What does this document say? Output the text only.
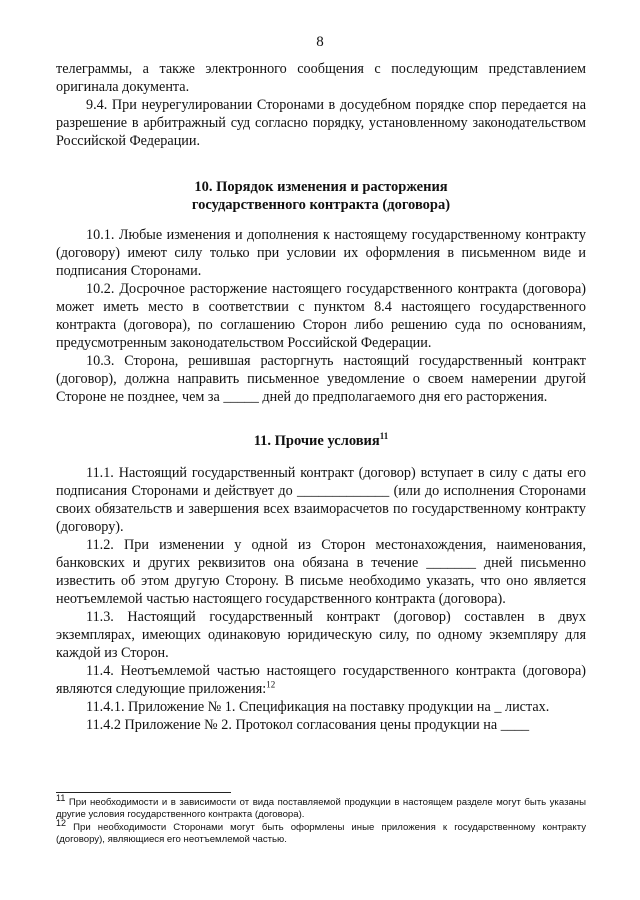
8

телеграммы, а также электронного сообщения с последующим представлением оригинала документа.

9.4. При неурегулировании Сторонами в досудебном порядке спор передается на разрешение в арбитражный суд согласно порядку, установленному законодательством Российской Федерации.

10. Порядок изменения и расторжения
государственного контракта (договора)

10.1. Любые изменения и дополнения к настоящему государственному контракту (договору) имеют силу только при условии их оформления в письменном виде и подписания Сторонами.

10.2. Досрочное расторжение настоящего государственного контракта (договора) может иметь место в соответствии с пунктом 8.4 настоящего государственного контракта (договора), по соглашению Сторон либо решению суда по основаниям, предусмотренным законодательством Российской Федерации.

10.3. Сторона, решившая расторгнуть настоящий государственный контракт (договор), должна направить письменное уведомление о своем намерении другой Стороне не позднее, чем за _____ дней до предполагаемого дня его расторжения.

11. Прочие условия$^{11}$

11.1. Настоящий государственный контракт (договор) вступает в силу с даты его подписания Сторонами и действует до _____________ (или до исполнения Сторонами своих обязательств и завершения всех взаиморасчетов по государственному контракту (договору).

11.2. При изменении у одной из Сторон местонахождения, наименования, банковских и других реквизитов она обязана в течение _______ дней письменно известить об этом другую Сторону. В письме необходимо указать, что оно является неотъемлемой частью настоящего государственного контракта (договора).

11.3. Настоящий государственный контракт (договор) составлен в двух экземплярах, имеющих одинаковую юридическую силу, по одному экземпляру для каждой из Сторон.

11.4. Неотъемлемой частью настоящего государственного контракта (договора) являются следующие приложения:$^{12}$

11.4.1. Приложение № 1. Спецификация на поставку продукции на _ листах.

11.4.2 Приложение № 2. Протокол согласования цены продукции на ____

11 При необходимости и в зависимости от вида поставляемой продукции в настоящем разделе могут быть указаны другие условия государственного контракта (договора).
12 При необходимости Сторонами могут быть оформлены иные приложения к государственному контракту (договору), являющиеся его неотъемлемой частью.
